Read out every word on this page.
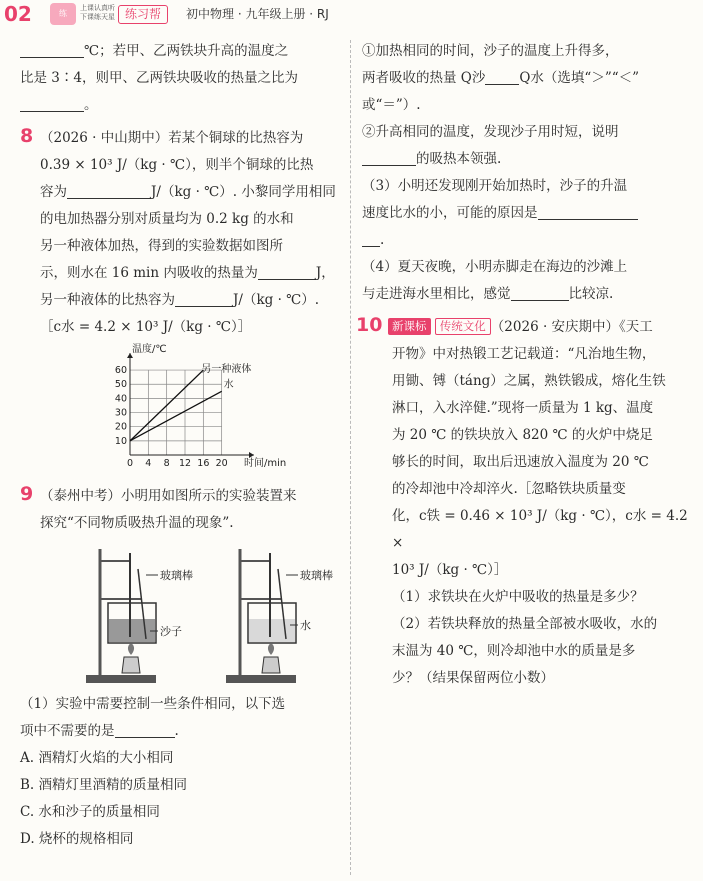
02	练
上课认真听
下课练天星 练习帮	初中物理 · 九年级上册 · RJ
℃；若甲、乙两铁块升高的温度之
比是 3∶4，则甲、乙两铁块吸收的热量之比为
。
8 （2026 · 中山期中）若某个铜球的比热容为
0.39 × 10³ J/（kg · ℃），则半个铜球的比热
容为	J/（kg · ℃）. 小黎同学用相同
的电加热器分别对质量均为 0.2 kg 的水和
另一种液体加热，得到的实验数据如图所
示，则水在 16 min 内吸收的热量为	J，
另一种液体的比热容为	J/（kg · ℃）.
［c水 = 4.2 × 10³ J/（kg · ℃）］
0 4 8 12 16 20
10
20
30
40
50
60
温度/℃
时间/min
另一种液体
水
9 （泰州中考）小明用如图所示的实验装置来
探究“不同物质吸热升温的现象”.
玻璃棒
沙子
玻璃棒
水
（1）实验中需要控制一些条件相同，以下选
项中不需要的是	.
A. 酒精灯火焰的大小相同
B. 酒精灯里酒精的质量相同
C. 水和沙子的质量相同
D. 烧杯的规格相同
①加热相同的时间，沙子的温度上升得多，
两者吸收的热量 Q沙	Q水（选填“＞”“＜”
或“＝”）.
②升高相同的温度，发现沙子用时短，说明
的吸热本领强.
（3）小明还发现刚开始加热时，沙子的升温
速度比水的小，可能的原因是
.
（4）夏天夜晚，小明赤脚走在海边的沙滩上
与走进海水里相比，感觉	比较凉.
10 新课标 传统文化 （2026 · 安庆期中）《天工
开物》中对热锻工艺记载道：“凡治地生物，
用锄、镈（táng）之属，熟铁锻成，熔化生铁
淋口，入水淬健.”现将一质量为 1 kg、温度
为 20 ℃ 的铁块放入 820 ℃ 的火炉中烧足
够长的时间，取出后迅速放入温度为 20 ℃
的冷却池中冷却淬火.［忽略铁块质量变
化，c铁 = 0.46 × 10³ J/（kg · ℃），c水 = 4.2 ×
10³ J/（kg · ℃）］
（1）求铁块在火炉中吸收的热量是多少？
（2）若铁块释放的热量全部被水吸收，水的
末温为 40 ℃，则冷却池中水的质量是多
少？（结果保留两位小数）
